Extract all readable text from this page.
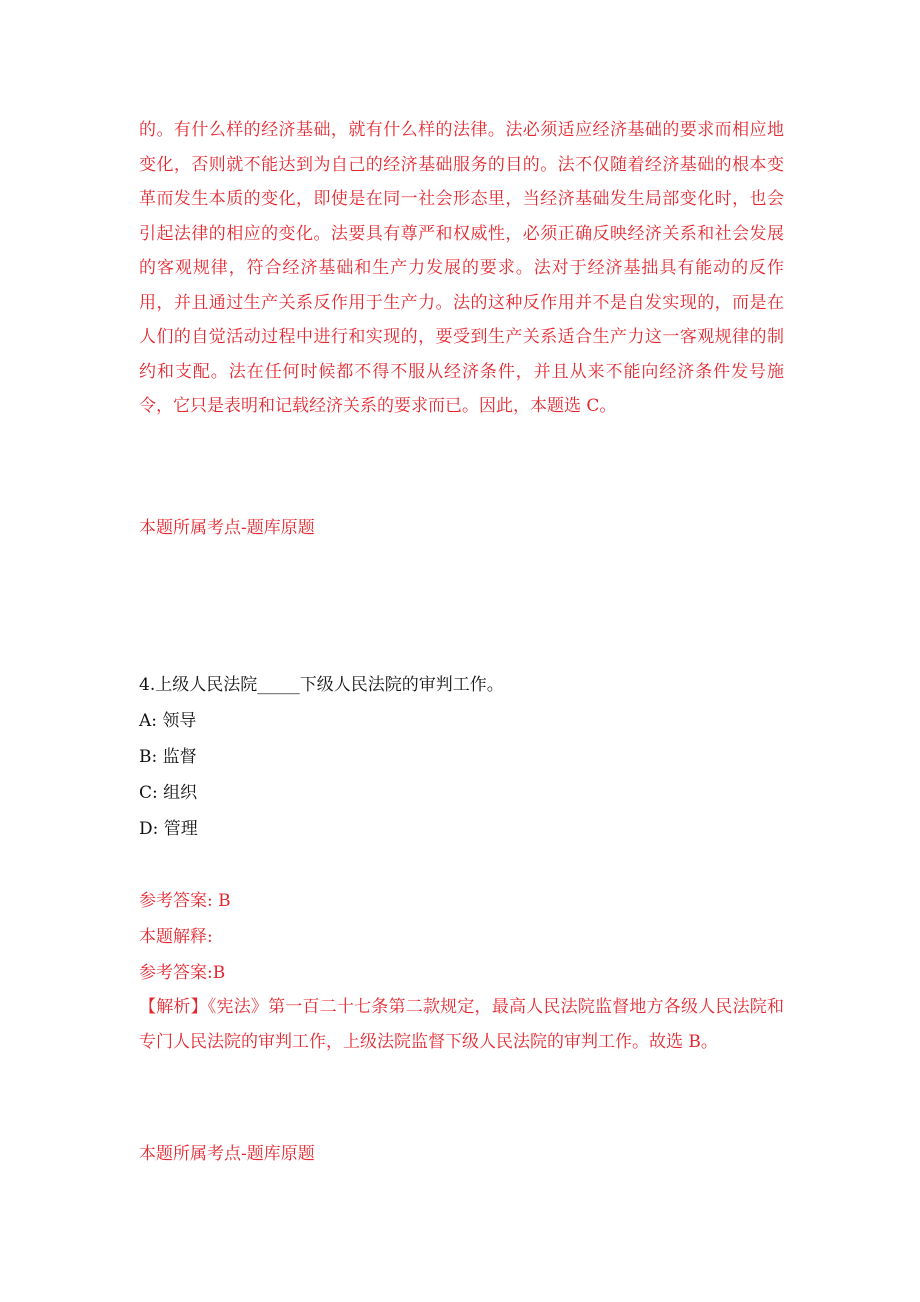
的。有什么样的经济基础，就有什么样的法律。法必须适应经济基础的要求而相应地变化，否则就不能达到为自己的经济基础服务的目的。法不仅随着经济基础的根本变革而发生本质的变化，即使是在同一社会形态里，当经济基础发生局部变化时，也会引起法律的相应的变化。法要具有尊严和权威性，必须正确反映经济关系和社会发展的客观规律，符合经济基础和生产力发展的要求。法对于经济基拙具有能动的反作用，并且通过生产关系反作用于生产力。法的这种反作用并不是自发实现的，而是在人们的自觉活动过程中进行和实现的，要受到生产关系适合生产力这一客观规律的制约和支配。法在任何时候都不得不服从经济条件，并且从来不能向经济条件发号施令，它只是表明和记载经济关系的要求而已。因此，本题选 C。
本题所属考点-题库原题
4.上级人民法院_____下级人民法院的审判工作。
A: 领导
B: 监督
C: 组织
D: 管理
参考答案: B
本题解释:
参考答案:B
【解析】《宪法》第一百二十七条第二款规定，最高人民法院监督地方各级人民法院和专门人民法院的审判工作，上级法院监督下级人民法院的审判工作。故选 B。
本题所属考点-题库原题
